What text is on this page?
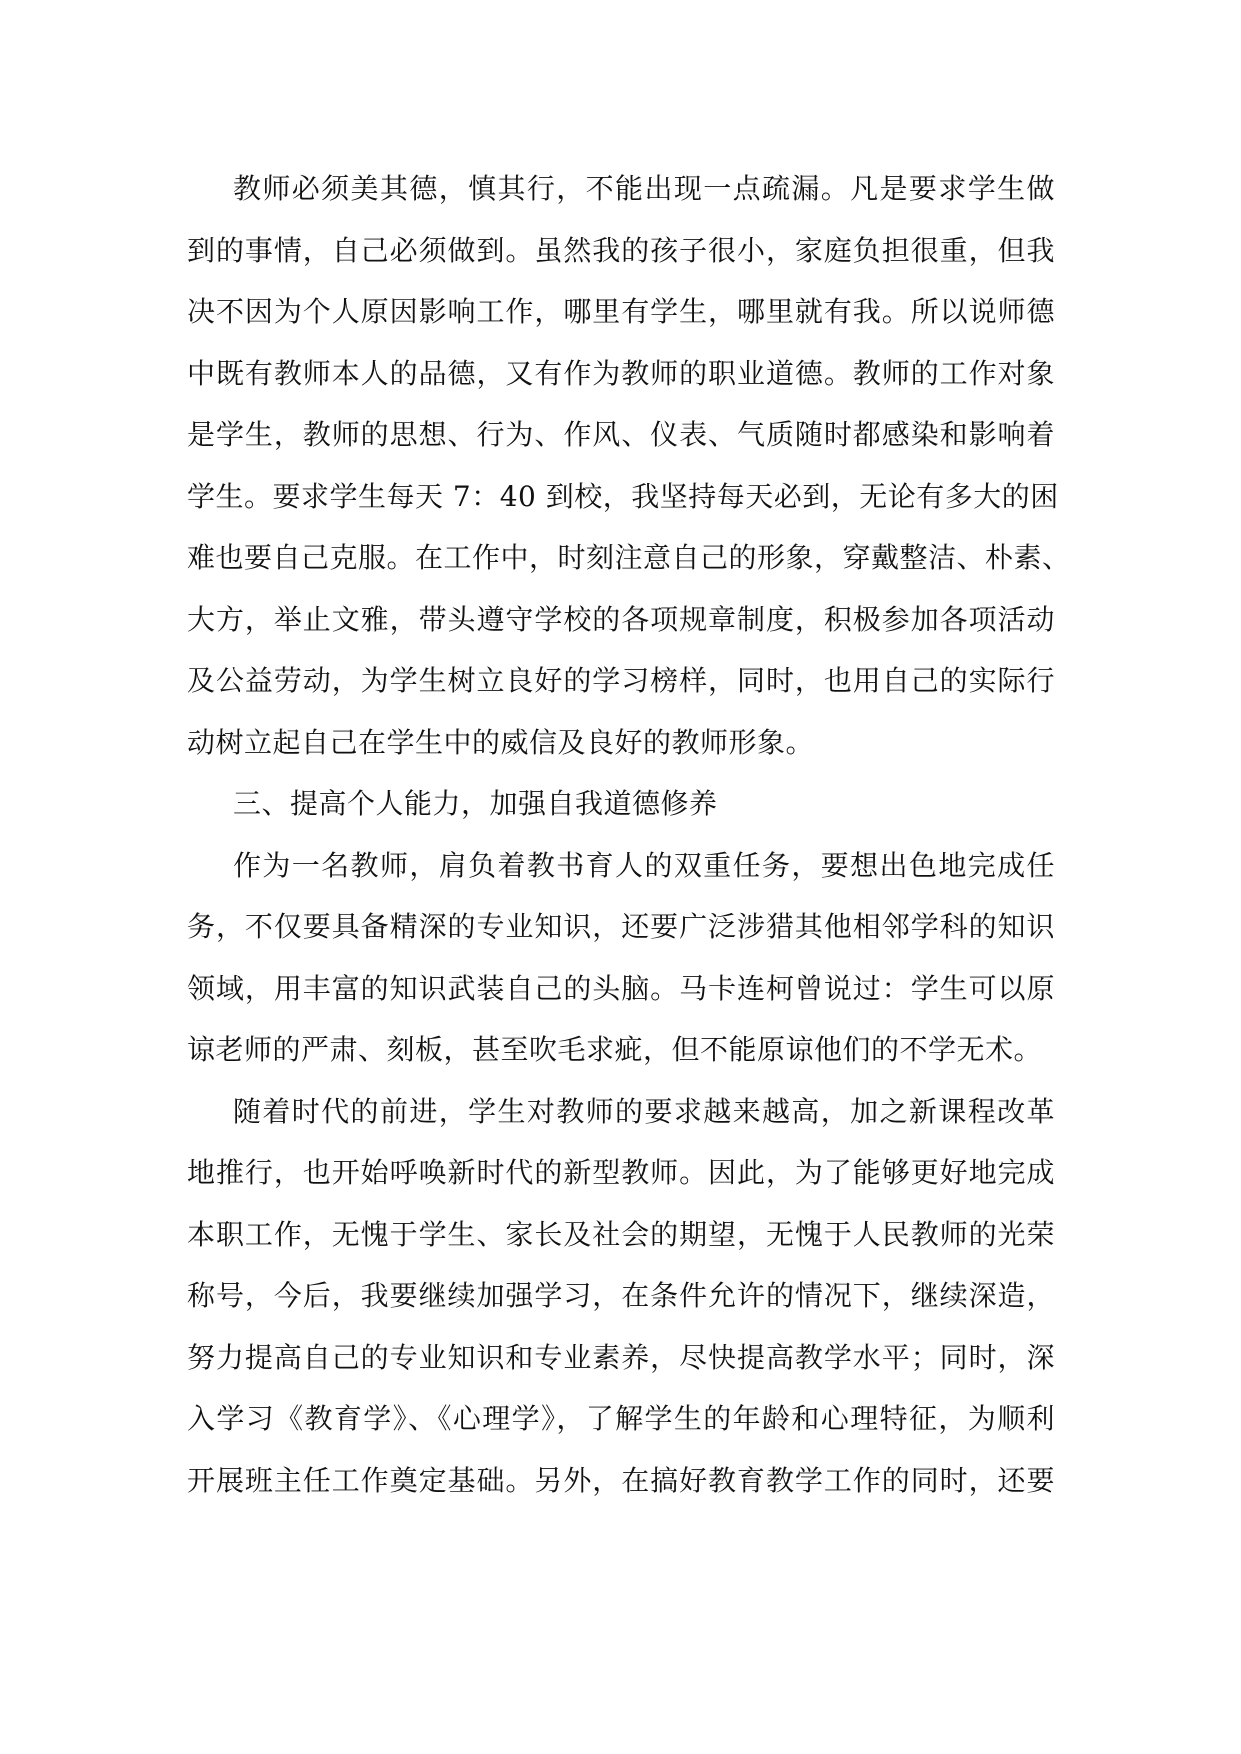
教师必须美其德，慎其行，不能出现一点疏漏。凡是要求学生做
到的事情，自己必须做到。虽然我的孩子很小，家庭负担很重，但我
决不因为个人原因影响工作，哪里有学生，哪里就有我。所以说师德
中既有教师本人的品德，又有作为教师的职业道德。教师的工作对象
是学生，教师的思想、行为、作风、仪表、气质随时都感染和影响着
学生。要求学生每天 7：40 到校，我坚持每天必到，无论有多大的困
难也要自己克服。在工作中，时刻注意自己的形象，穿戴整洁、朴素、
大方，举止文雅，带头遵守学校的各项规章制度，积极参加各项活动
及公益劳动，为学生树立良好的学习榜样，同时，也用自己的实际行
动树立起自己在学生中的威信及良好的教师形象。
三、提高个人能力，加强自我道德修养
作为一名教师，肩负着教书育人的双重任务，要想出色地完成任
务，不仅要具备精深的专业知识，还要广泛涉猎其他相邻学科的知识
领域，用丰富的知识武装自己的头脑。马卡连柯曾说过：学生可以原
谅老师的严肃、刻板，甚至吹毛求疵，但不能原谅他们的不学无术。
随着时代的前进，学生对教师的要求越来越高，加之新课程改革
地推行，也开始呼唤新时代的新型教师。因此，为了能够更好地完成
本职工作，无愧于学生、家长及社会的期望，无愧于人民教师的光荣
称号，今后，我要继续加强学习，在条件允许的情况下，继续深造，
努力提高自己的专业知识和专业素养，尽快提高教学水平；同时，深
入学习《教育学》、《心理学》，了解学生的年龄和心理特征，为顺利
开展班主任工作奠定基础。另外，在搞好教育教学工作的同时，还要
